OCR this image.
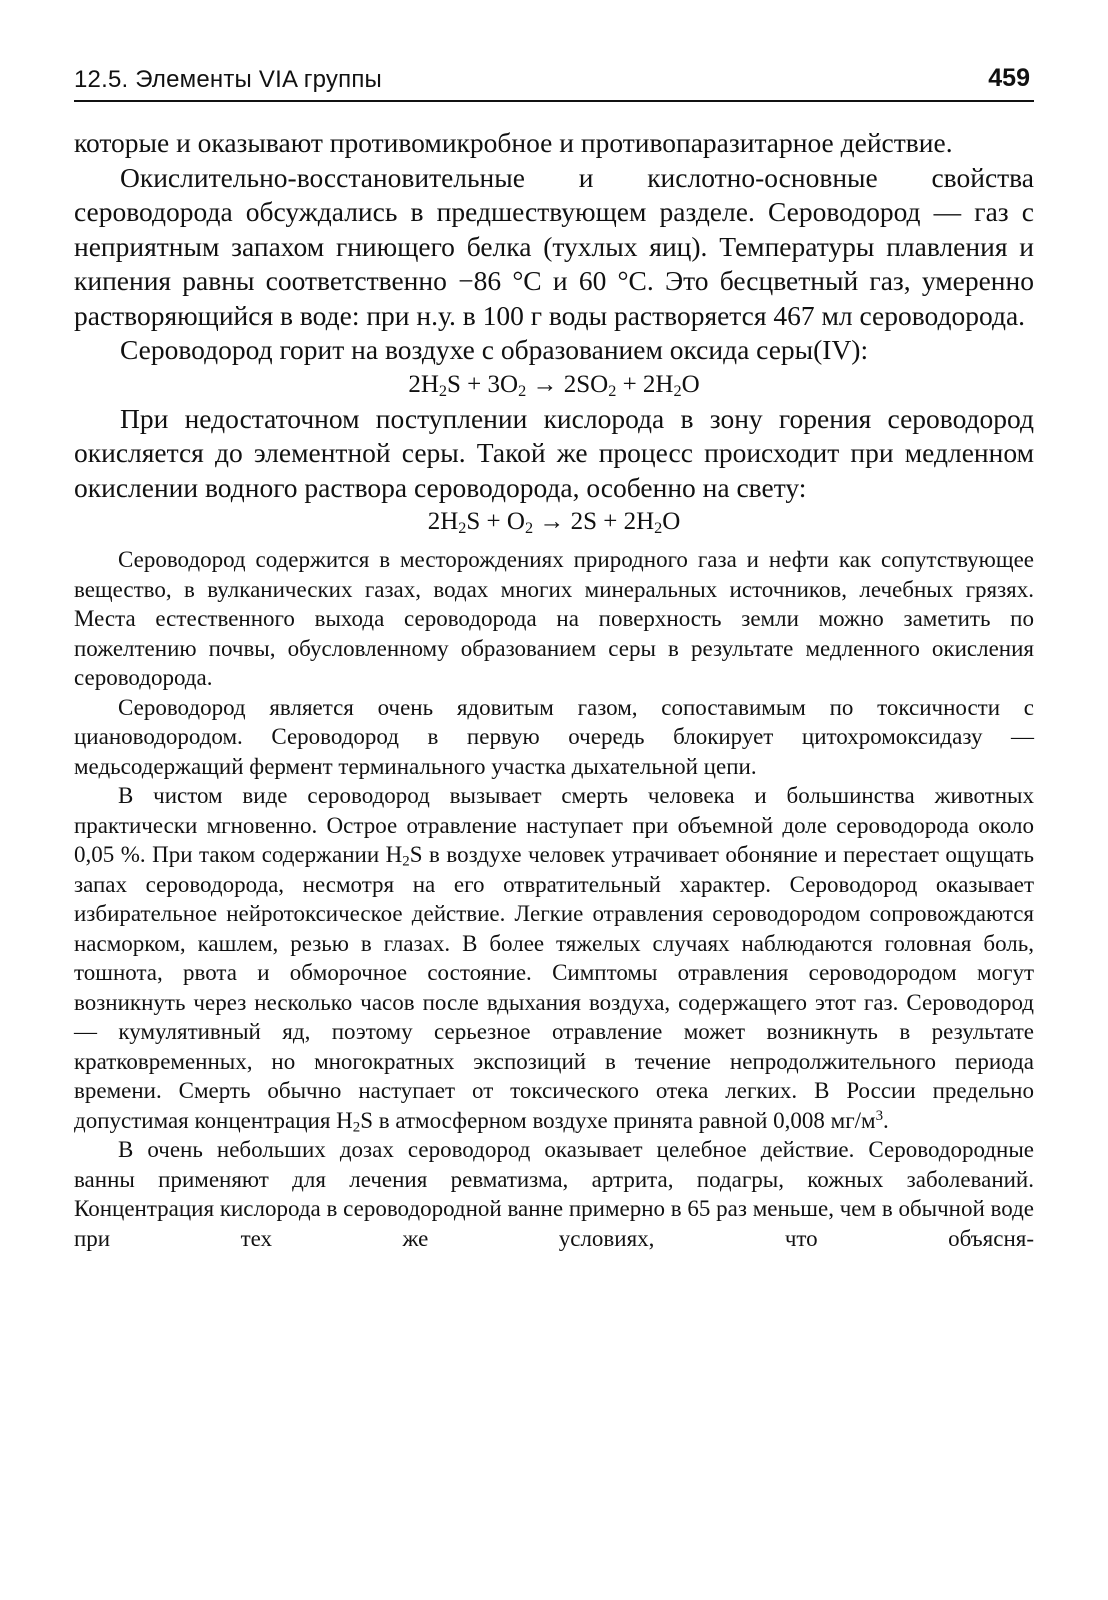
12.5. Элементы VIA группы	459

которые и оказывают противомикробное и противопаразитарное действие.

Окислительно-восстановительные и кислотно-основные свойства сероводорода обсуждались в предшествующем разделе. Сероводород — газ с неприятным запахом гниющего белка (тухлых яиц). Температуры плавления и кипения равны соответственно −86 °С и 60 °С. Это бесцветный газ, умеренно растворяющийся в воде: при н.у. в 100 г воды растворяется 467 мл сероводорода.

Сероводород горит на воздухе с образованием оксида серы(IV):

$2H_2S + 3O_2 \to 2SO_2 + 2H_2O$

При недостаточном поступлении кислорода в зону горения сероводород окисляется до элементной серы. Такой же процесс происходит при медленном окислении водного раствора сероводорода, особенно на свету:

$2H_2S + O_2 \to 2S + 2H_2O$

Сероводород содержится в месторождениях природного газа и нефти как сопутствующее вещество, в вулканических газах, водах многих минеральных источников, лечебных грязях. Места естественного выхода сероводорода на поверхность земли можно заметить по пожелтению почвы, обусловленному образованием серы в результате медленного окисления сероводорода.

Сероводород является очень ядовитым газом, сопоставимым по токсичности с циановодородом. Сероводород в первую очередь блокирует цитохромоксидазу — медьсодержащий фермент терминального участка дыхательной цепи.

В чистом виде сероводород вызывает смерть человека и большинства животных практически мгновенно. Острое отравление наступает при объемной доле сероводорода около 0,05 %. При таком содержании $H_2S$ в воздухе человек утрачивает обоняние и перестает ощущать запах сероводорода, несмотря на его отвратительный характер. Сероводород оказывает избирательное нейротоксическое действие. Легкие отравления сероводородом сопровождаются насморком, кашлем, резью в глазах. В более тяжелых случаях наблюдаются головная боль, тошнота, рвота и обморочное состояние. Симптомы отравления сероводородом могут возникнуть через несколько часов после вдыхания воздуха, содержащего этот газ. Сероводород — кумулятивный яд, поэтому серьезное отравление может возникнуть в результате кратковременных, но многократных экспозиций в течение непродолжительного периода времени. Смерть обычно наступает от токсического отека легких. В России предельно допустимая концентрация $H_2S$ в атмосферном воздухе принята равной 0,008 $мг/м^3$.

В очень небольших дозах сероводород оказывает целебное действие. Сероводородные ванны применяют для лечения ревматизма, артрита, подагры, кожных заболеваний. Концентрация кислорода в сероводородной ванне примерно в 65 раз меньше, чем в обычной воде при тех же условиях, что объясня-
